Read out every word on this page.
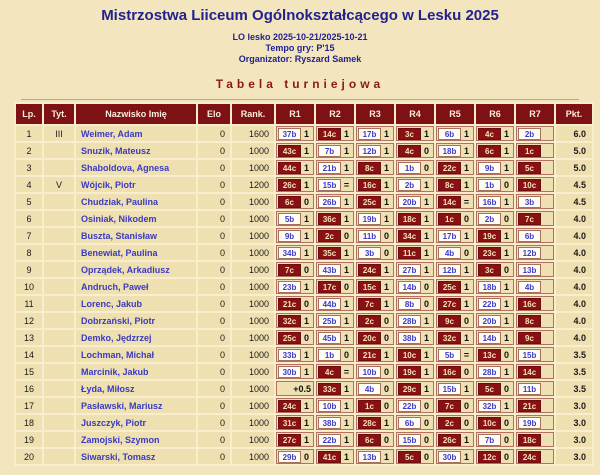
Mistrzostwa Liiceum Ogólnokształcącego w Lesku 2025
LO lesko 2025-10-21/2025-10-21
Tempo gry: P'15
Organizator: Ryszard Samek
Tabela turniejowa
Lp.	Tyt.	Nazwisko Imię	Elo	Rank.	R1	R2	R3	R4	R5	R6	R7	Pkt.
1	III	Weimer, Adam	0	1600	37b 1	14c 1	17b 1	3c 1	6b 1	4c 1	2b	6.0
2		Snuzik, Mateusz	0	1000	43c 1	7b 1	12b 1	4c 0	18b 1	6c 1	1c	5.0
3		Shaboldova, Agnesa	0	1000	44c 1	21b 1	8c 1	1b 0	22c 1	9b 1	5c	5.0
4	V	Wójcik, Piotr	0	1200	26c 1	15b =	16c 1	2b 1	8c 1	1b 0	10c	4.5
5		Chudziak, Paulina	0	1000	6c 0	26b 1	25c 1	20b 1	14c =	16b 1	3b	4.5
6		Osiniak, Nikodem	0	1000	5b 1	36c 1	19b 1	18c 1	1c 0	2b 0	7c	4.0
7		Buszta, Stanisław	0	1000	9b 1	2c 0	11b 0	34c 1	17b 1	19c 1	6b	4.0
8		Benewiat, Paulina	0	1000	34b 1	35c 1	3b 0	11c 1	4b 0	23c 1	12b	4.0
9		Oprządek, Arkadiusz	0	1000	7c 0	43b 1	24c 1	27b 1	12b 1	3c 0	13b	4.0
10		Andruch, Paweł	0	1000	23b 1	17c 0	15c 1	14b 0	25c 1	18b 1	4b	4.0
11		Lorenc, Jakub	0	1000	21c 0	44b 1	7c 1	8b 0	27c 1	22b 1	16c	4.0
12		Dobrzański, Piotr	0	1000	32c 1	25b 1	2c 0	28b 1	9c 0	20b 1	8c	4.0
13		Demko, Jędzrzej	0	1000	25c 0	45b 1	20c 0	38b 1	32c 1	14b 1	9c	4.0
14		Lochman, Michał	0	1000	33b 1	1b 0	21c 1	10c 1	5b =	13c 0	15b	3.5
15		Marcinik, Jakub	0	1000	30b 1	4c =	10b 0	19c 1	16c 0	28b 1	14c	3.5
16		Łyda, Miłosz	0	1000	+0.5	33c 1	4b 0	29c 1	15b 1	5c 0	11b	3.5
17		Pasławski, Mariusz	0	1000	24c 1	10b 1	1c 0	22b 0	7c 0	32b 1	21c	3.0
18		Juszczyk, Piotr	0	1000	31c 1	38b 1	28c 1	6b 0	2c 0	10c 0	19b	3.0
19		Zamojski, Szymon	0	1000	27c 1	22b 1	6c 0	15b 0	26c 1	7b 0	18c	3.0
20		Siwarski, Tomasz	0	1000	29b 0	41c 1	13b 1	5c 0	30b 1	12c 0	24c	3.0
